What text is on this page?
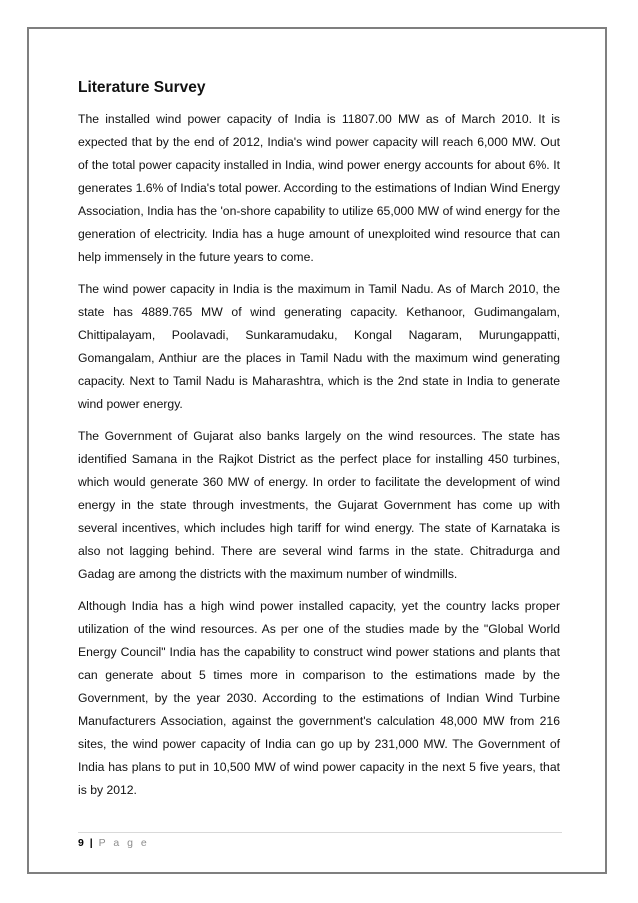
Literature Survey

The installed wind power capacity of India is 11807.00 MW as of March 2010. It is expected that by the end of 2012, India's wind power capacity will reach 6,000 MW. Out of the total power capacity installed in India, wind power energy accounts for about 6%. It generates 1.6% of India's total power. According to the estimations of Indian Wind Energy Association, India has the 'on-shore capability to utilize 65,000 MW of wind energy for the generation of electricity. India has a huge amount of unexploited wind resource that can help immensely in the future years to come.

The wind power capacity in India is the maximum in Tamil Nadu. As of March 2010, the state has 4889.765 MW of wind generating capacity. Kethanoor, Gudimangalam, Chittipalayam, Poolavadi, Sunkaramudaku, Kongal Nagaram, Murungappatti, Gomangalam, Anthiur are the places in Tamil Nadu with the maximum wind generating capacity. Next to Tamil Nadu is Maharashtra, which is the 2nd state in India to generate wind power energy.

The Government of Gujarat also banks largely on the wind resources. The state has identified Samana in the Rajkot District as the perfect place for installing 450 turbines, which would generate 360 MW of energy. In order to facilitate the development of wind energy in the state through investments, the Gujarat Government has come up with several incentives, which includes high tariff for wind energy. The state of Karnataka is also not lagging behind. There are several wind farms in the state. Chitradurga and Gadag are among the districts with the maximum number of windmills.

Although India has a high wind power installed capacity, yet the country lacks proper utilization of the wind resources. As per one of the studies made by the "Global World Energy Council" India has the capability to construct wind power stations and plants that can generate about 5 times more in comparison to the estimations made by the Government, by the year 2030. According to the estimations of Indian Wind Turbine Manufacturers Association, against the government's calculation 48,000 MW from 216 sites, the wind power capacity of India can go up by 231,000 MW. The Government of India has plans to put in 10,500 MW of wind power capacity in the next 5 five years, that is by 2012.

9 | P a g e
